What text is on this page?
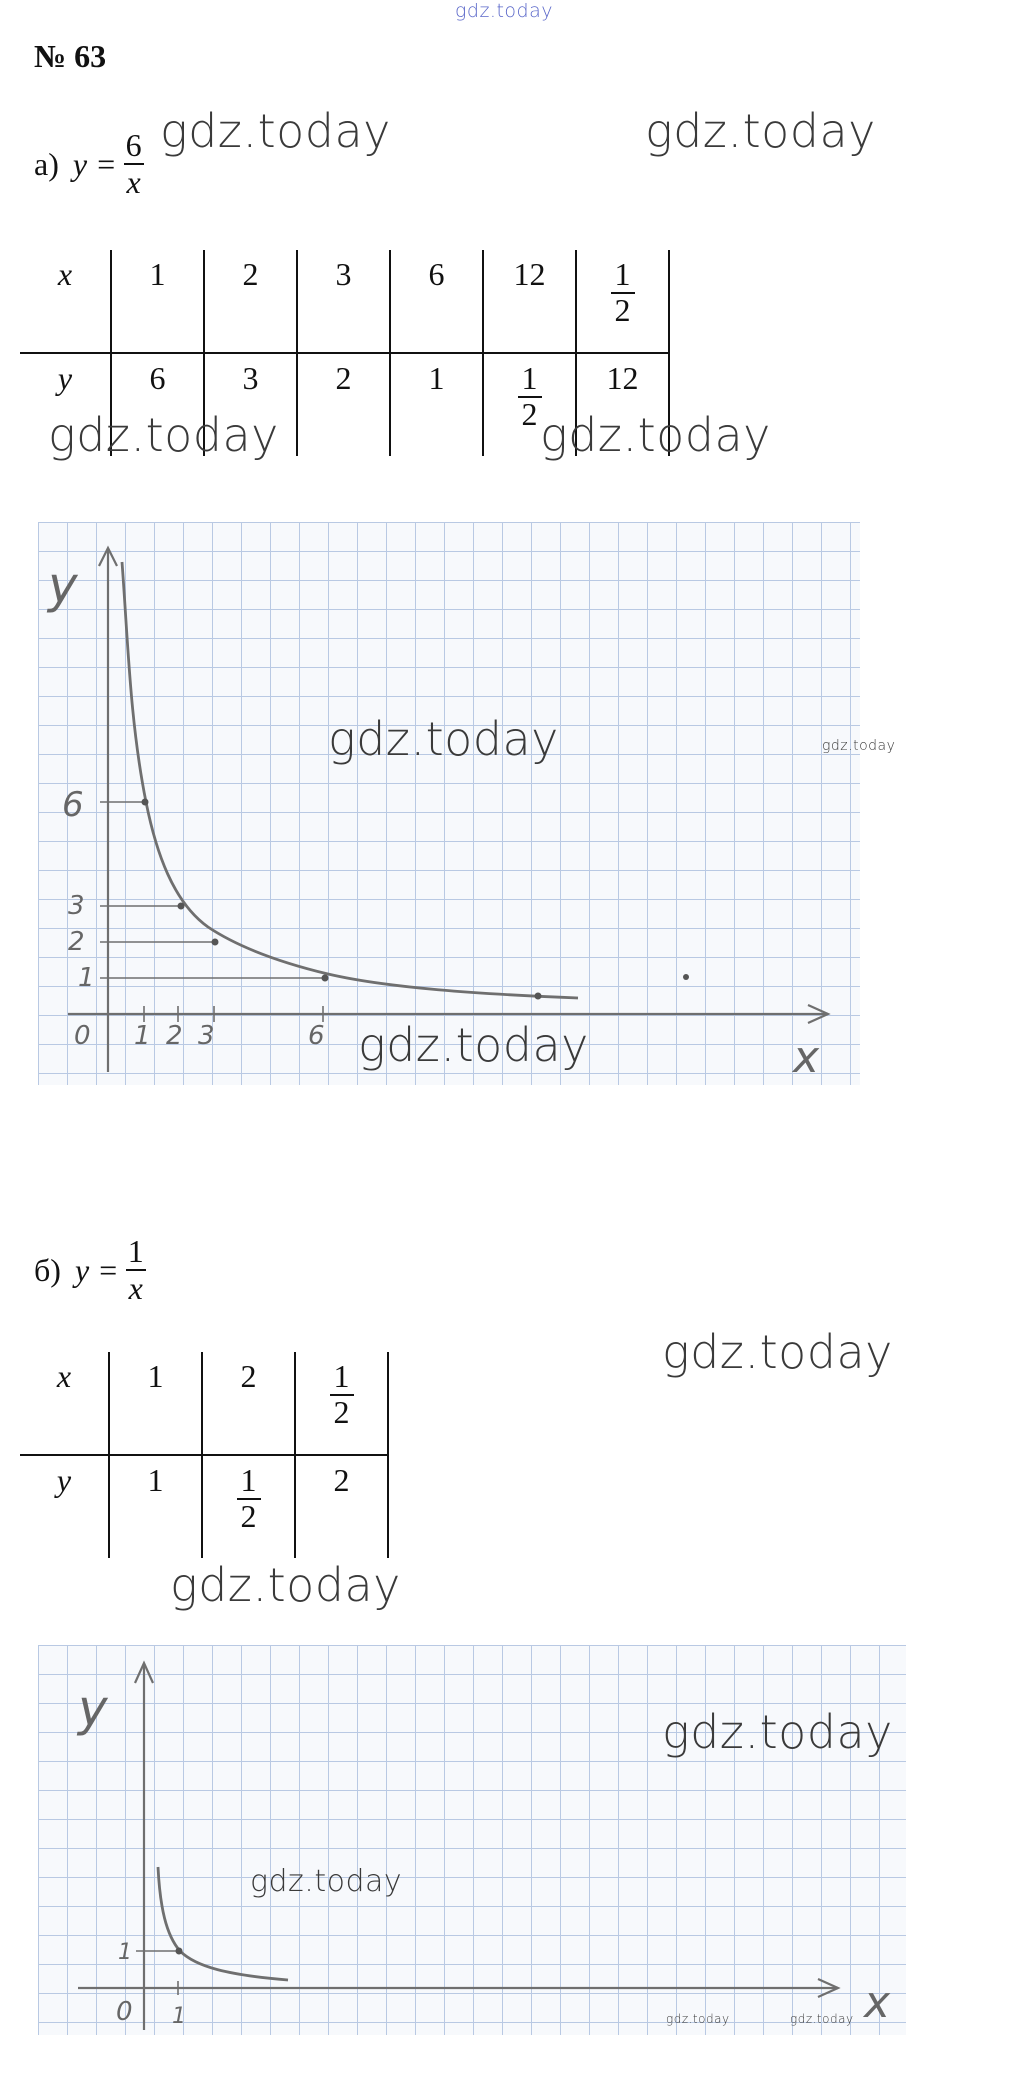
gdz.today
№ 63
а) $y = \frac{6}{x}$ gdz.today	gdz.today
x	1	2	3	6	12	$\frac{1}{2}$

y	6	3	2	1	$\frac{1}{2}$	12
gdz.today	gdz.today
y
x
0 1 2 3	6
6
3
2
1
gdz.today	gdz.today
gdz.today
б) $y = \frac{1}{x}$
gdz.today
x	1	2	$\frac{1}{2}$

y	1	$\frac{1}{2}$	2
gdz.today
y
x
0 1
1
gdz.today
gdz.today
gdz.today	gdz.today
